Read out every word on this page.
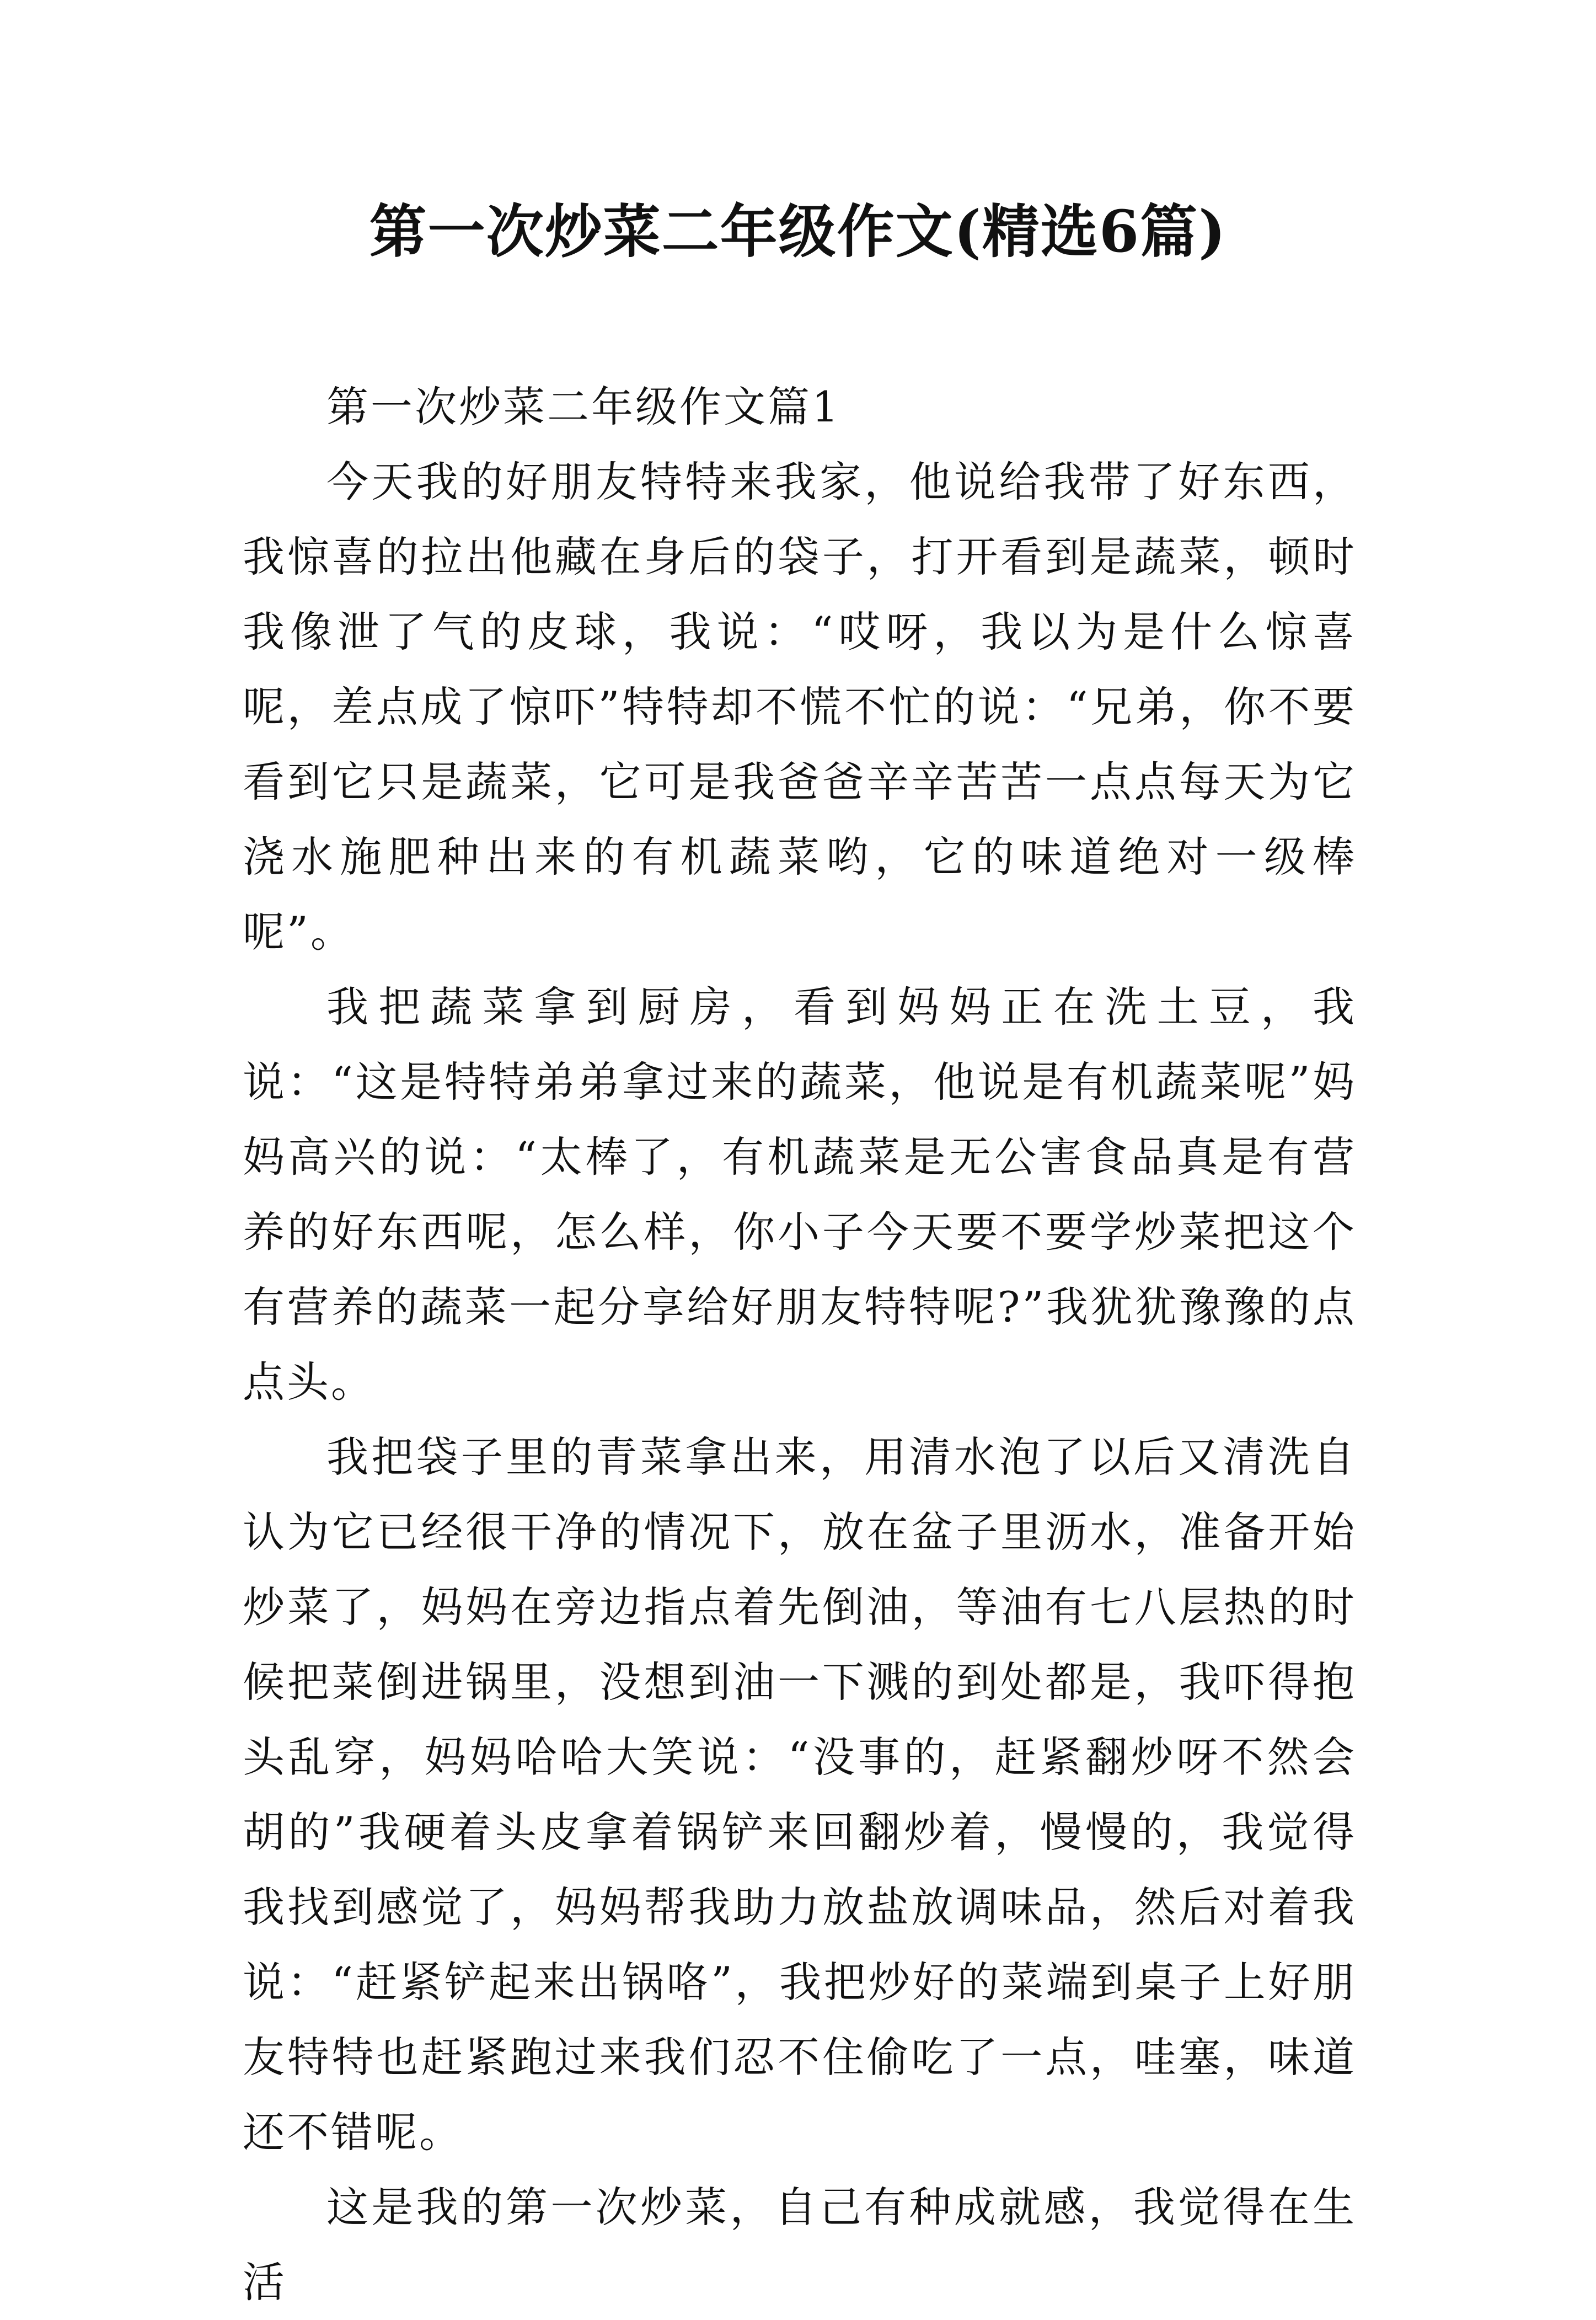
第一次炒菜二年级作文(精选6篇)

第一次炒菜二年级作文篇1

今天我的好朋友特特来我家，他说给我带了好东西，我惊喜的拉出他藏在身后的袋子，打开看到是蔬菜，顿时我像泄了气的皮球，我说：“哎呀，我以为是什么惊喜呢，差点成了惊吓”特特却不慌不忙的说：“兄弟，你不要看到它只是蔬菜，它可是我爸爸辛辛苦苦一点点每天为它浇水施肥种出来的有机蔬菜哟，它的味道绝对一级棒呢”。

我把蔬菜拿到厨房，看到妈妈正在洗土豆，我说：“这是特特弟弟拿过来的蔬菜，他说是有机蔬菜呢”妈妈高兴的说：“太棒了，有机蔬菜是无公害食品真是有营养的好东西呢，怎么样，你小子今天要不要学炒菜把这个有营养的蔬菜一起分享给好朋友特特呢?”我犹犹豫豫的点点头。

我把袋子里的青菜拿出来，用清水泡了以后又清洗自认为它已经很干净的情况下，放在盆子里沥水，准备开始炒菜了，妈妈在旁边指点着先倒油，等油有七八层热的时候把菜倒进锅里，没想到油一下溅的到处都是，我吓得抱头乱穿，妈妈哈哈大笑说：“没事的，赶紧翻炒呀不然会胡的”我硬着头皮拿着锅铲来回翻炒着，慢慢的，我觉得我找到感觉了，妈妈帮我助力放盐放调味品，然后对着我说：“赶紧铲起来出锅咯”，我把炒好的菜端到桌子上好朋友特特也赶紧跑过来我们忍不住偷吃了一点，哇塞，味道还不错呢。

这是我的第一次炒菜，自己有种成就感，我觉得在生活
